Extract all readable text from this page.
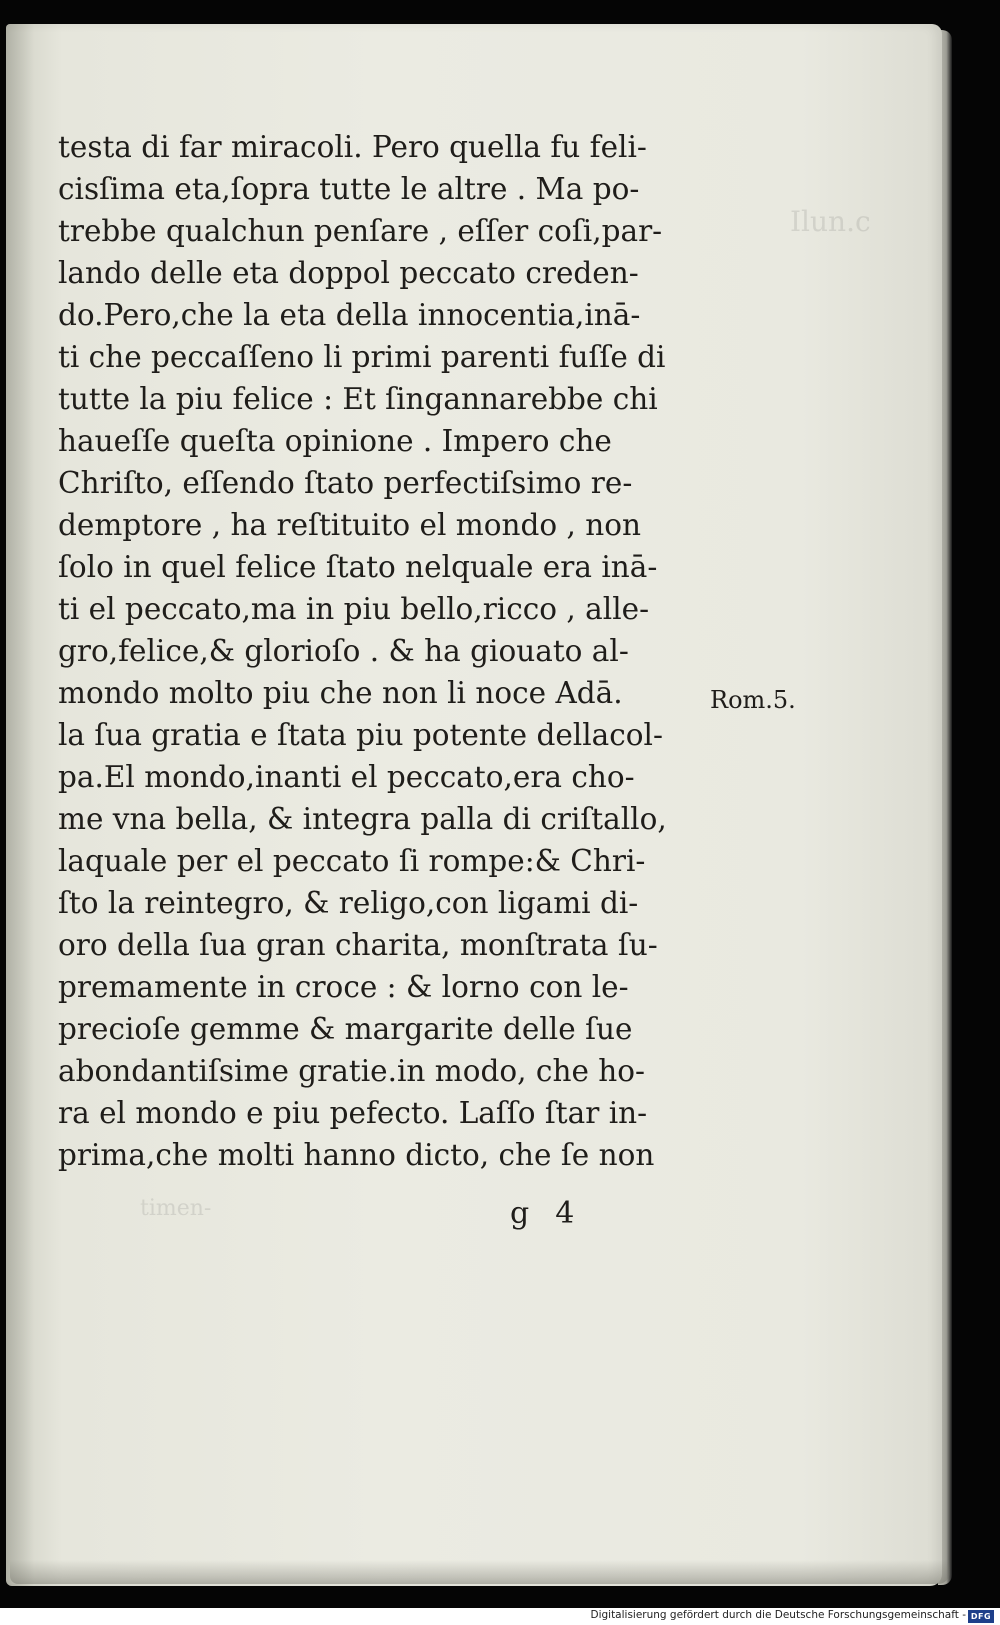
Ilun.c
timen-
testa di far miracoli. Pero quella fu feli-
cisſima eta,ſopra tutte le altre . Ma po-
trebbe qualchun penſare , eſſer coſi,par-
lando delle eta doppol peccato creden-
do.Pero,che la eta della innocentia,inā-
ti che peccaſſeno li primi parenti fuſſe di
tutte la piu felice : Et ſingannarebbe chi
haueſſe queſta opinione . Impero che
Chriſto, eſſendo ſtato perfectiſsimo re-
demptore , ha reſtituito el mondo , non
ſolo in quel felice ſtato nelquale era inā-
ti el peccato,ma in piu bello,ricco , alle-
gro,felice,& glorioſo . & ha giouato al-
mondo molto piu che non li noce Adā.
la ſua gratia e ſtata piu potente dellacol-
pa.El mondo,inanti el peccato,era cho-
me vna bella, & integra palla di criſtallo,
laquale per el peccato ſi rompe:& Chri-
ſto la reintegro, & religo,con ligami di-
oro della ſua gran charita, monſtrata ſu-
premamente in croce : & lorno con le-
precioſe gemme & margarite delle ſue
abondantiſsime gratie.in modo, che ho-
ra el mondo e piu pefecto. Laſſo ſtar in-
prima,che molti hanno dicto, che ſe non
Rom.5.
g 4
Digitalisierung gefördert durch die Deutsche Forschungsgemeinschaft - DFG
